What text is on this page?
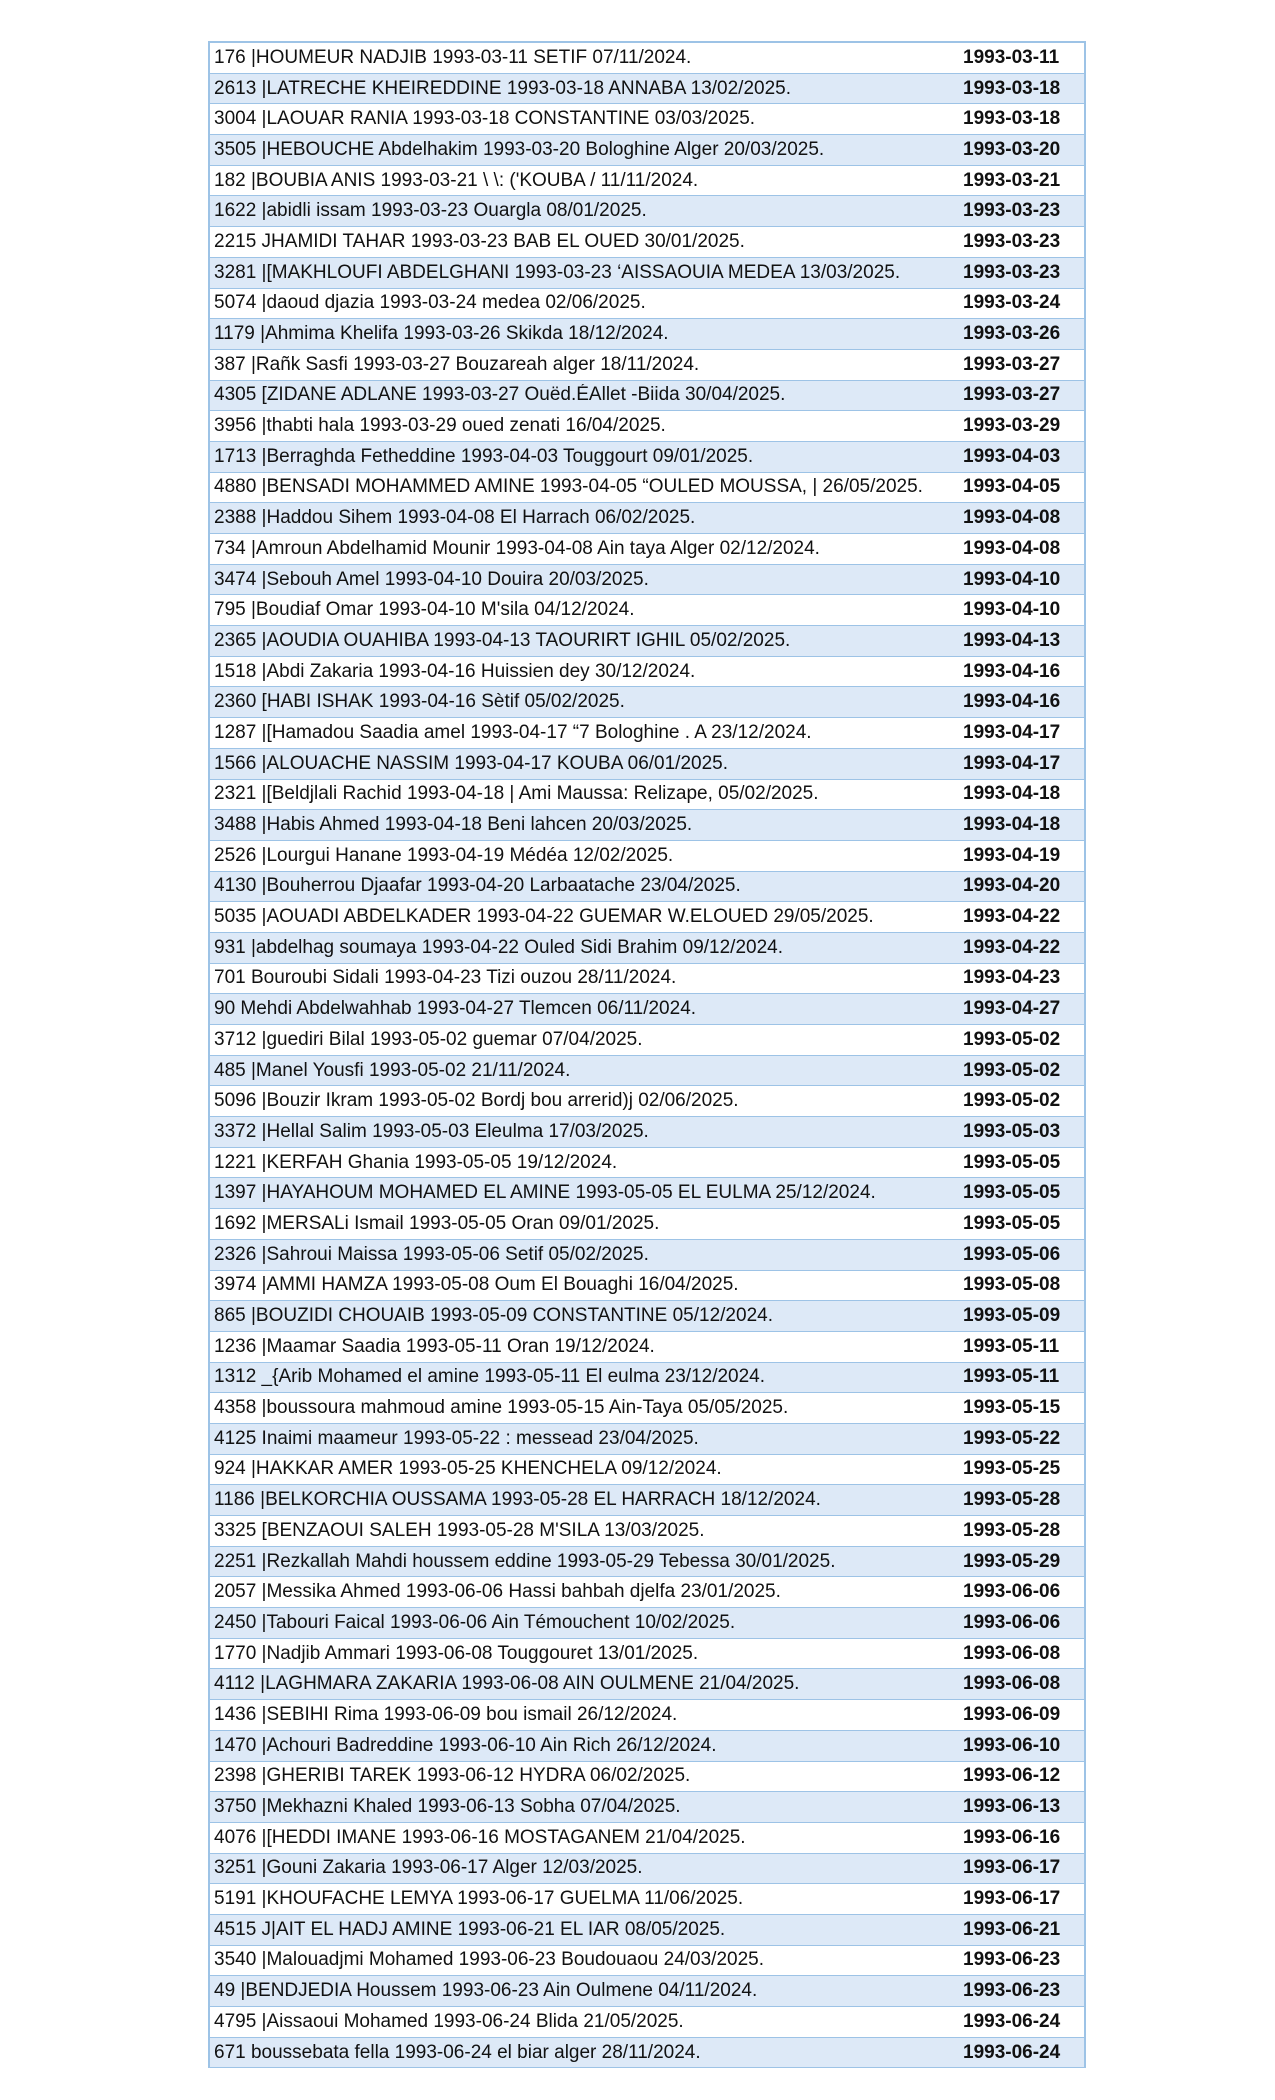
176 |HOUMEUR NADJIB 1993-03-11 SETIF 07/11/2024.	1993-03-11
2613 |LATRECHE KHEIREDDINE 1993-03-18 ANNABA 13/02/2025.	1993-03-18
3004 |LAOUAR RANIA 1993-03-18 CONSTANTINE 03/03/2025.	1993-03-18
3505 |HEBOUCHE Abdelhakim 1993-03-20 Bologhine Alger 20/03/2025.	1993-03-20
182 |BOUBIA ANIS 1993-03-21 \ \: ('KOUBA / 11/11/2024.	1993-03-21
1622 |abidli issam 1993-03-23 Ouargla 08/01/2025.	1993-03-23
2215 JHAMIDI TAHAR 1993-03-23 BAB EL OUED 30/01/2025.	1993-03-23
3281 |[MAKHLOUFI ABDELGHANI 1993-03-23 ‘AISSAOUIA MEDEA 13/03/2025.	1993-03-23
5074 |daoud djazia 1993-03-24 medea 02/06/2025.	1993-03-24
1179 |Ahmima Khelifa 1993-03-26 Skikda 18/12/2024.	1993-03-26
387 |Rañk Sasfi 1993-03-27 Bouzareah alger 18/11/2024.	1993-03-27
4305 [ZIDANE ADLANE 1993-03-27 Ouëd.ÉAllet -Biida 30/04/2025.	1993-03-27
3956 |thabti hala 1993-03-29 oued zenati 16/04/2025.	1993-03-29
1713 |Berraghda Fetheddine 1993-04-03 Touggourt 09/01/2025.	1993-04-03
4880 |BENSADI MOHAMMED AMINE 1993-04-05 “OULED MOUSSA, | 26/05/2025.	1993-04-05
2388 |Haddou Sihem 1993-04-08 El Harrach 06/02/2025.	1993-04-08
734 |Amroun Abdelhamid Mounir 1993-04-08 Ain taya Alger 02/12/2024.	1993-04-08
3474 |Sebouh Amel 1993-04-10 Douira 20/03/2025.	1993-04-10
795 |Boudiaf Omar 1993-04-10 M'sila 04/12/2024.	1993-04-10
2365 |AOUDIA OUAHIBA 1993-04-13 TAOURIRT IGHIL 05/02/2025.	1993-04-13
1518 |Abdi Zakaria 1993-04-16 Huissien dey 30/12/2024.	1993-04-16
2360 [HABI ISHAK 1993-04-16 Sètif 05/02/2025.	1993-04-16
1287 |[Hamadou Saadia amel 1993-04-17 “7 Bologhine . A 23/12/2024.	1993-04-17
1566 |ALOUACHE NASSIM 1993-04-17 KOUBA 06/01/2025.	1993-04-17
2321 |[Beldjlali Rachid 1993-04-18 | Ami Maussa: Relizape, 05/02/2025.	1993-04-18
3488 |Habis Ahmed 1993-04-18 Beni lahcen 20/03/2025.	1993-04-18
2526 |Lourgui Hanane 1993-04-19 Médéa 12/02/2025.	1993-04-19
4130 |Bouherrou Djaafar 1993-04-20 Larbaatache 23/04/2025.	1993-04-20
5035 |AOUADI ABDELKADER 1993-04-22 GUEMAR W.ELOUED 29/05/2025.	1993-04-22
931 |abdelhag soumaya 1993-04-22 Ouled Sidi Brahim 09/12/2024.	1993-04-22
701 Bouroubi Sidali 1993-04-23 Tizi ouzou 28/11/2024.	1993-04-23
90 Mehdi Abdelwahhab 1993-04-27 Tlemcen 06/11/2024.	1993-04-27
3712 |guediri Bilal 1993-05-02 guemar 07/04/2025.	1993-05-02
485 |Manel Yousfi 1993-05-02 21/11/2024.	1993-05-02
5096 |Bouzir Ikram 1993-05-02 Bordj bou arrerid)j 02/06/2025.	1993-05-02
3372 |Hellal Salim 1993-05-03 Eleulma 17/03/2025.	1993-05-03
1221 |KERFAH Ghania 1993-05-05 19/12/2024.	1993-05-05
1397 |HAYAHOUM MOHAMED EL AMINE 1993-05-05 EL EULMA 25/12/2024.	1993-05-05
1692 |MERSALi Ismail 1993-05-05 Oran 09/01/2025.	1993-05-05
2326 |Sahroui Maissa 1993-05-06 Setif 05/02/2025.	1993-05-06
3974 |AMMI HAMZA 1993-05-08 Oum El Bouaghi 16/04/2025.	1993-05-08
865 |BOUZIDI CHOUAIB 1993-05-09 CONSTANTINE 05/12/2024.	1993-05-09
1236 |Maamar Saadia 1993-05-11 Oran 19/12/2024.	1993-05-11
1312 _{Arib Mohamed el amine 1993-05-11 El eulma 23/12/2024.	1993-05-11
4358 |boussoura mahmoud amine 1993-05-15 Ain-Taya 05/05/2025.	1993-05-15
4125 Inaimi maameur 1993-05-22 : messead 23/04/2025.	1993-05-22
924 |HAKKAR AMER 1993-05-25 KHENCHELA 09/12/2024.	1993-05-25
1186 |BELKORCHIA OUSSAMA 1993-05-28 EL HARRACH 18/12/2024.	1993-05-28
3325 [BENZAOUI SALEH 1993-05-28 M'SILA 13/03/2025.	1993-05-28
2251 |Rezkallah Mahdi houssem eddine 1993-05-29 Tebessa 30/01/2025.	1993-05-29
2057 |Messika Ahmed 1993-06-06 Hassi bahbah djelfa 23/01/2025.	1993-06-06
2450 |Tabouri Faical 1993-06-06 Ain Témouchent 10/02/2025.	1993-06-06
1770 |Nadjib Ammari 1993-06-08 Touggouret 13/01/2025.	1993-06-08
4112 |LAGHMARA ZAKARIA 1993-06-08 AIN OULMENE 21/04/2025.	1993-06-08
1436 |SEBIHI Rima 1993-06-09 bou ismail 26/12/2024.	1993-06-09
1470 |Achouri Badreddine 1993-06-10 Ain Rich 26/12/2024.	1993-06-10
2398 |GHERIBI TAREK 1993-06-12 HYDRA 06/02/2025.	1993-06-12
3750 |Mekhazni Khaled 1993-06-13 Sobha 07/04/2025.	1993-06-13
4076 |[HEDDI IMANE 1993-06-16 MOSTAGANEM 21/04/2025.	1993-06-16
3251 |Gouni Zakaria 1993-06-17 Alger 12/03/2025.	1993-06-17
5191 |KHOUFACHE LEMYA 1993-06-17 GUELMA 11/06/2025.	1993-06-17
4515 J|AIT EL HADJ AMINE 1993-06-21 EL IAR 08/05/2025.	1993-06-21
3540 |Malouadjmi Mohamed 1993-06-23 Boudouaou 24/03/2025.	1993-06-23
49 |BENDJEDIA Houssem 1993-06-23 Ain Oulmene 04/11/2024.	1993-06-23
4795 |Aissaoui Mohamed 1993-06-24 Blida 21/05/2025.	1993-06-24
671 boussebata fella 1993-06-24 el biar alger 28/11/2024.	1993-06-24
